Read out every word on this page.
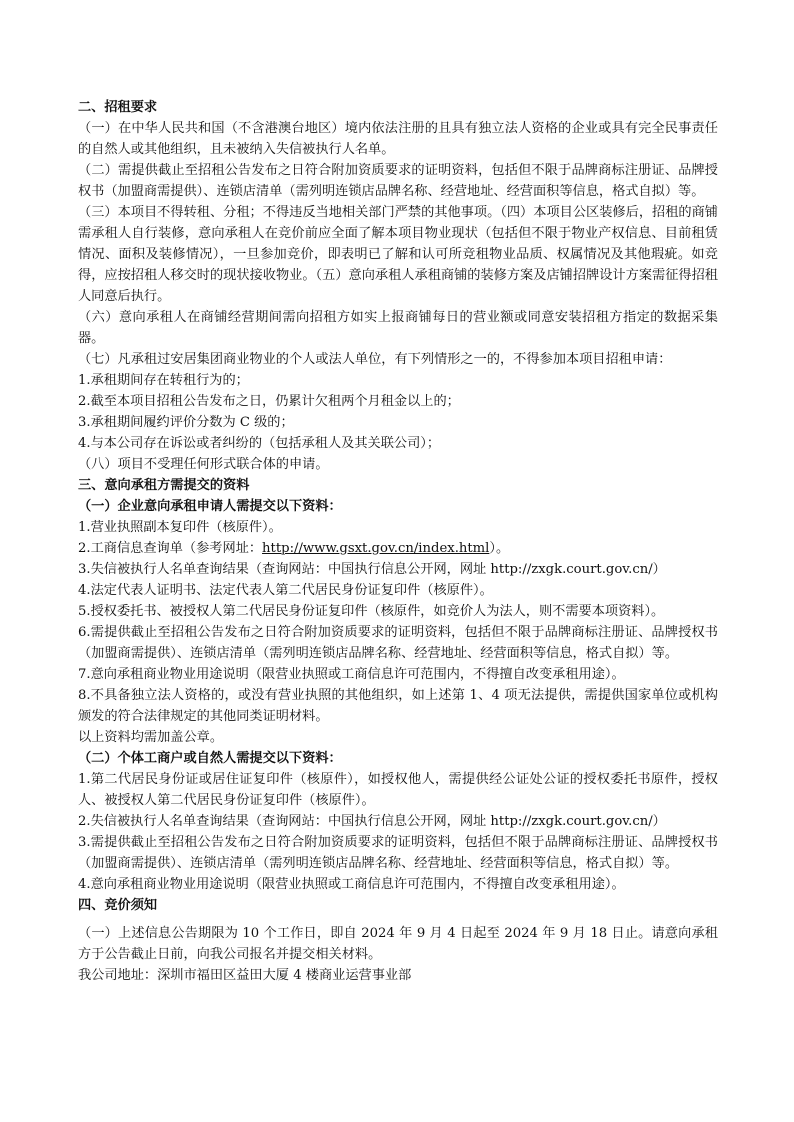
二、招租要求

（一）在中华人民共和国（不含港澳台地区）境内依法注册的且具有独立法人资格的企业或具有完全民事责任的自然人或其他组织，且未被纳入失信被执行人名单。

（二）需提供截止至招租公告发布之日符合附加资质要求的证明资料，包括但不限于品牌商标注册证、品牌授权书（加盟商需提供）、连锁店清单（需列明连锁店品牌名称、经营地址、经营面积等信息，格式自拟）等。

（三）本项目不得转租、分租；不得违反当地相关部门严禁的其他事项。（四）本项目公区装修后，招租的商铺需承租人自行装修，意向承租人在竞价前应全面了解本项目物业现状（包括但不限于物业产权信息、目前租赁情况、面积及装修情况），一旦参加竞价，即表明已了解和认可所竞租物业品质、权属情况及其他瑕疵。如竞得，应按招租人移交时的现状接收物业。（五）意向承租人承租商铺的装修方案及店铺招牌设计方案需征得招租人同意后执行。

（六）意向承租人在商铺经营期间需向招租方如实上报商铺每日的营业额或同意安装招租方指定的数据采集器。

（七）凡承租过安居集团商业物业的个人或法人单位，有下列情形之一的，不得参加本项目招租申请：

1.承租期间存在转租行为的；

2.截至本项目招租公告发布之日，仍累计欠租两个月租金以上的；

3.承租期间履约评价分数为 C 级的；

4.与本公司存在诉讼或者纠纷的（包括承租人及其关联公司）；

（八）项目不受理任何形式联合体的申请。

三、意向承租方需提交的资料

（一）企业意向承租申请人需提交以下资料：

1.营业执照副本复印件（核原件）。

2.工商信息查询单（参考网址：http://www.gsxt.gov.cn/index.html）。

3.失信被执行人名单查询结果（查询网站：中国执行信息公开网，网址 http://zxgk.court.gov.cn/）

4.法定代表人证明书、法定代表人第二代居民身份证复印件（核原件）。

5.授权委托书、被授权人第二代居民身份证复印件（核原件，如竞价人为法人，则不需要本项资料）。

6.需提供截止至招租公告发布之日符合附加资质要求的证明资料，包括但不限于品牌商标注册证、品牌授权书（加盟商需提供）、连锁店清单（需列明连锁店品牌名称、经营地址、经营面积等信息，格式自拟）等。

7.意向承租商业物业用途说明（限营业执照或工商信息许可范围内，不得擅自改变承租用途）。

8.不具备独立法人资格的，或没有营业执照的其他组织，如上述第 1、4 项无法提供，需提供国家单位或机构颁发的符合法律规定的其他同类证明材料。

以上资料均需加盖公章。

（二）个体工商户或自然人需提交以下资料：

1.第二代居民身份证或居住证复印件（核原件），如授权他人，需提供经公证处公证的授权委托书原件，授权人、被授权人第二代居民身份证复印件（核原件）。

2.失信被执行人名单查询结果（查询网站：中国执行信息公开网，网址 http://zxgk.court.gov.cn/）

3.需提供截止至招租公告发布之日符合附加资质要求的证明资料，包括但不限于品牌商标注册证、品牌授权书（加盟商需提供）、连锁店清单（需列明连锁店品牌名称、经营地址、经营面积等信息，格式自拟）等。

4.意向承租商业物业用途说明（限营业执照或工商信息许可范围内，不得擅自改变承租用途）。

四、竞价须知

（一）上述信息公告期限为 10 个工作日，即自 2024 年 9 月 4 日起至 2024 年 9 月 18 日止。请意向承租方于公告截止日前，向我公司报名并提交相关材料。

我公司地址：深圳市福田区益田大厦 4 楼商业运营事业部
